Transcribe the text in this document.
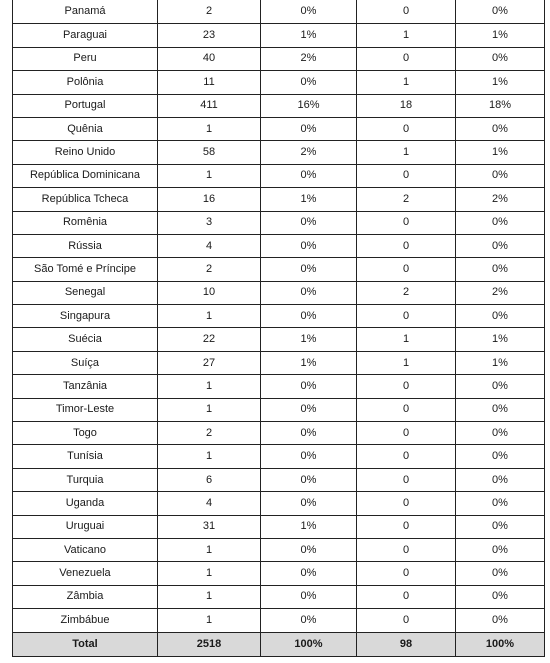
Panamá	2	0%	0	0%
Paraguai	23	1%	1	1%
Peru	40	2%	0	0%
Polônia	11	0%	1	1%
Portugal	411	16%	18	18%
Quênia	1	0%	0	0%
Reino Unido	58	2%	1	1%
República Dominicana	1	0%	0	0%
República Tcheca	16	1%	2	2%
Romênia	3	0%	0	0%
Rússia	4	0%	0	0%
São Tomé e Príncipe	2	0%	0	0%
Senegal	10	0%	2	2%
Singapura	1	0%	0	0%
Suécia	22	1%	1	1%
Suíça	27	1%	1	1%
Tanzânia	1	0%	0	0%
Timor-Leste	1	0%	0	0%
Togo	2	0%	0	0%
Tunísia	1	0%	0	0%
Turquia	6	0%	0	0%
Uganda	4	0%	0	0%
Uruguai	31	1%	0	0%
Vaticano	1	0%	0	0%
Venezuela	1	0%	0	0%
Zâmbia	1	0%	0	0%
Zimbábue	1	0%	0	0%
Total	2518	100%	98	100%
